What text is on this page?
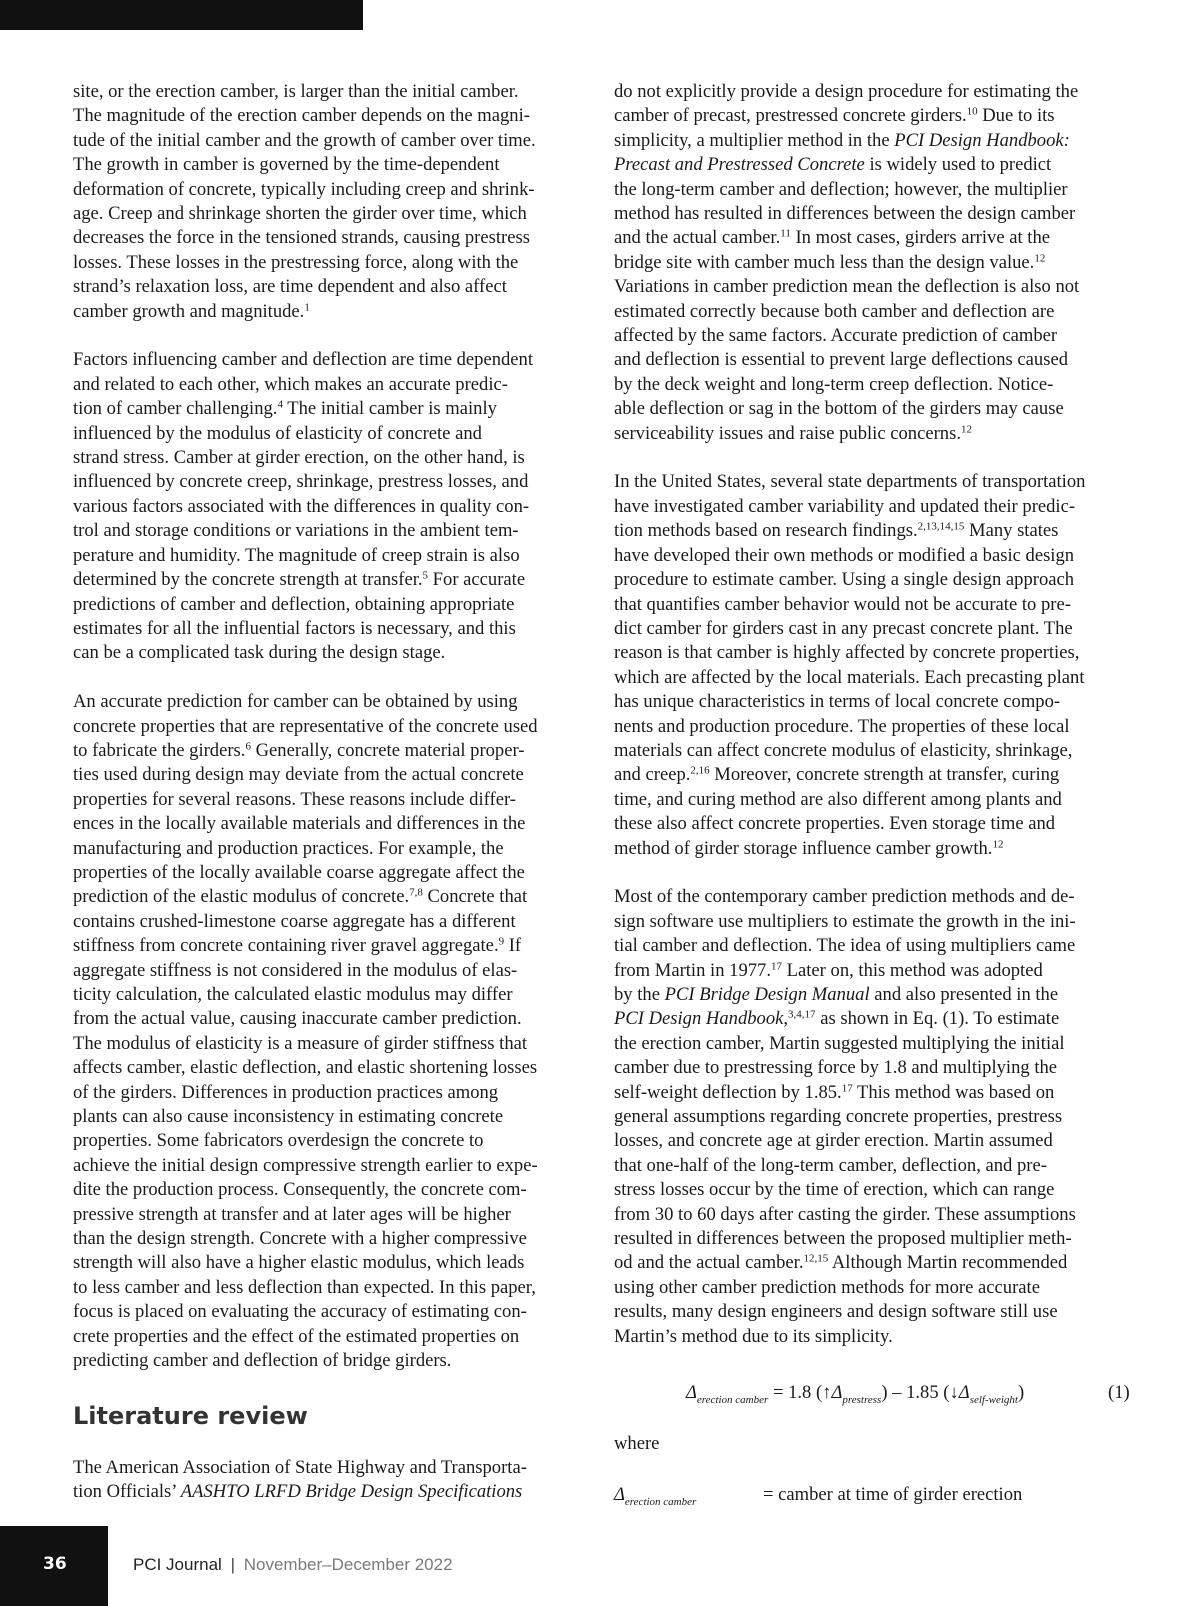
site, or the erection camber, is larger than the initial camber.
The magnitude of the erection camber depends on the magni-
tude of the initial camber and the growth of camber over time.
The growth in camber is governed by the time-dependent
deformation of concrete, typically including creep and shrink-
age. Creep and shrinkage shorten the girder over time, which
decreases the force in the tensioned strands, causing prestress
losses. These losses in the prestressing force, along with the
strand’s relaxation loss, are time dependent and also affect
camber growth and magnitude.$^1$

Factors influencing camber and deflection are time dependent
and related to each other, which makes an accurate predic-
tion of camber challenging.$^4$ The initial camber is mainly
influenced by the modulus of elasticity of concrete and
strand stress. Camber at girder erection, on the other hand, is
influenced by concrete creep, shrinkage, prestress losses, and
various factors associated with the differences in quality con-
trol and storage conditions or variations in the ambient tem-
perature and humidity. The magnitude of creep strain is also
determined by the concrete strength at transfer.$^5$ For accurate
predictions of camber and deflection, obtaining appropriate
estimates for all the influential factors is necessary, and this
can be a complicated task during the design stage.

An accurate prediction for camber can be obtained by using
concrete properties that are representative of the concrete used
to fabricate the girders.$^6$ Generally, concrete material proper-
ties used during design may deviate from the actual concrete
properties for several reasons. These reasons include differ-
ences in the locally available materials and differences in the
manufacturing and production practices. For example, the
properties of the locally available coarse aggregate affect the
prediction of the elastic modulus of concrete.$^{7,8}$ Concrete that
contains crushed-limestone coarse aggregate has a different
stiffness from concrete containing river gravel aggregate.$^9$ If
aggregate stiffness is not considered in the modulus of elas-
ticity calculation, the calculated elastic modulus may differ
from the actual value, causing inaccurate camber prediction.
The modulus of elasticity is a measure of girder stiffness that
affects camber, elastic deflection, and elastic shortening losses
of the girders. Differences in production practices among
plants can also cause inconsistency in estimating concrete
properties. Some fabricators overdesign the concrete to
achieve the initial design compressive strength earlier to expe-
dite the production process. Consequently, the concrete com-
pressive strength at transfer and at later ages will be higher
than the design strength. Concrete with a higher compressive
strength will also have a higher elastic modulus, which leads
to less camber and less deflection than expected. In this paper,
focus is placed on evaluating the accuracy of estimating con-
crete properties and the effect of the estimated properties on
predicting camber and deflection of bridge girders.

Literature review

The American Association of State Highway and Transporta-
tion Officials’ AASHTO LRFD Bridge Design Specifications

do not explicitly provide a design procedure for estimating the
camber of precast, prestressed concrete girders.$^{10}$ Due to its
simplicity, a multiplier method in the PCI Design Handbook:
Precast and Prestressed Concrete is widely used to predict
the long-term camber and deflection; however, the multiplier
method has resulted in differences between the design camber
and the actual camber.$^{11}$ In most cases, girders arrive at the
bridge site with camber much less than the design value.$^{12}$
Variations in camber prediction mean the deflection is also not
estimated correctly because both camber and deflection are
affected by the same factors. Accurate prediction of camber
and deflection is essential to prevent large deflections caused
by the deck weight and long-term creep deflection. Notice-
able deflection or sag in the bottom of the girders may cause
serviceability issues and raise public concerns.$^{12}$

In the United States, several state departments of transportation
have investigated camber variability and updated their predic-
tion methods based on research findings.$^{2,13,14,15}$ Many states
have developed their own methods or modified a basic design
procedure to estimate camber. Using a single design approach
that quantifies camber behavior would not be accurate to pre-
dict camber for girders cast in any precast concrete plant. The
reason is that camber is highly affected by concrete properties,
which are affected by the local materials. Each precasting plant
has unique characteristics in terms of local concrete compo-
nents and production procedure. The properties of these local
materials can affect concrete modulus of elasticity, shrinkage,
and creep.$^{2,16}$ Moreover, concrete strength at transfer, curing
time, and curing method are also different among plants and
these also affect concrete properties. Even storage time and
method of girder storage influence camber growth.$^{12}$

Most of the contemporary camber prediction methods and de-
sign software use multipliers to estimate the growth in the ini-
tial camber and deflection. The idea of using multipliers came
from Martin in 1977.17 Later on, this method was adopted
by the PCI Bridge Design Manual and also presented in the
PCI Design Handbook,$^{3,4,17}$ as shown in Eq. (1). To estimate
the erection camber, Martin suggested multiplying the initial
camber due to prestressing force by 1.8 and multiplying the
self-weight deflection by 1.85.17 This method was based on
general assumptions regarding concrete properties, prestress
losses, and concrete age at girder erection. Martin assumed
that one-half of the long-term camber, deflection, and pre-
stress losses occur by the time of erection, which can range
from 30 to 60 days after casting the girder. These assumptions
resulted in differences between the proposed multiplier meth-
od and the actual camber.$^{12,15}$ Although Martin recommended
using other camber prediction methods for more accurate
results, many design engineers and design software still use
Martin’s method due to its simplicity.

$\Delta_{erection camber} = 1.8$ $(↑\Delta_{prestress}) - 1.85$ $(↓\Delta_{self-weight})$	(1)
where
$\Delta_{erection camber}$	= camber at time of girder erection
36	PCI Journal | November–December 2022
